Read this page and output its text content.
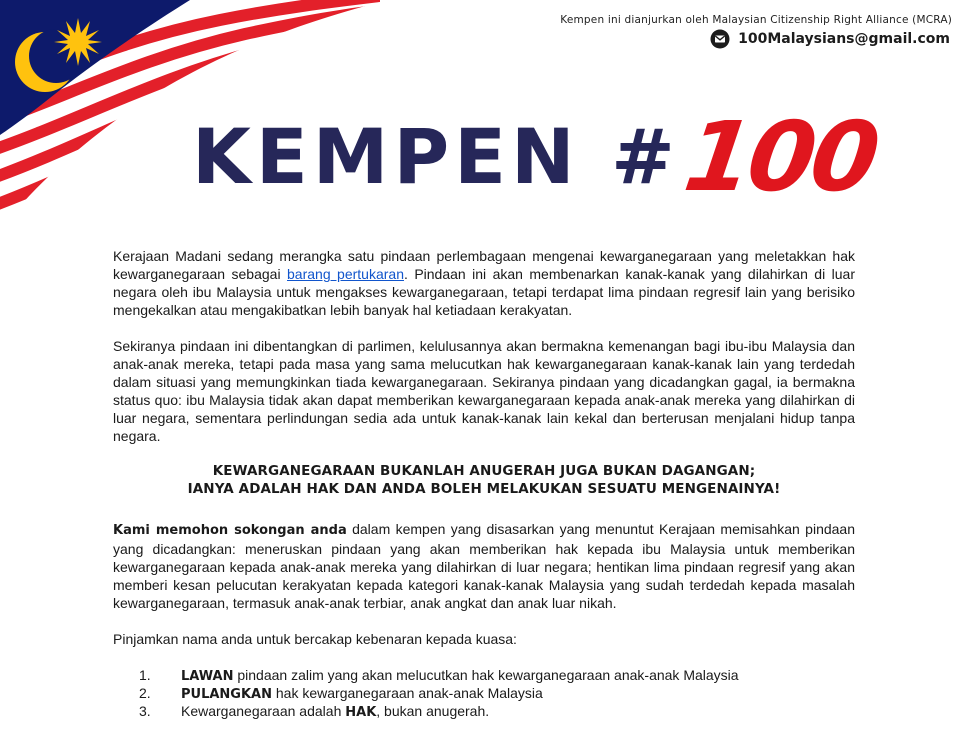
Kempen ini dianjurkan oleh Malaysian Citizenship Right Alliance (MCRA)
100Malaysians@gmail.com
KEMPEN #
100

Kerajaan Madani sedang merangka satu pindaan perlembagaan mengenai kewarganegaraan yang meletakkan hak kewarganegaraan sebagai barang pertukaran. Pindaan ini akan membenarkan kanak-kanak yang dilahirkan di luar negara oleh ibu Malaysia untuk mengakses kewarganegaraan, tetapi terdapat lima pindaan regresif lain yang berisiko mengekalkan atau mengakibatkan lebih banyak hal ketiadaan kerakyatan.

Sekiranya pindaan ini dibentangkan di parlimen, kelulusannya akan bermakna kemenangan bagi ibu-ibu Malaysia dan anak-anak mereka, tetapi pada masa yang sama melucutkan hak kewarganegaraan kanak-kanak lain yang terdedah dalam situasi yang memungkinkan tiada kewarganegaraan. Sekiranya pindaan yang dicadangkan gagal, ia bermakna status quo: ibu Malaysia tidak akan dapat memberikan kewarganegaraan kepada anak-anak mereka yang dilahirkan di luar negara, sementara perlindungan sedia ada untuk kanak-kanak lain kekal dan berterusan menjalani hidup tanpa negara.

KEWARGANEGARAAN BUKANLAH ANUGERAH JUGA BUKAN DAGANGAN;
IANYA ADALAH HAK DAN ANDA BOLEH MELAKUKAN SESUATU MENGENAINYA!

Kami memohon sokongan anda dalam kempen yang disasarkan yang menuntut Kerajaan memisahkan pindaan yang dicadangkan: meneruskan pindaan yang akan memberikan hak kepada ibu Malaysia untuk memberikan kewarganegaraan kepada anak-anak mereka yang dilahirkan di luar negara; hentikan lima pindaan regresif yang akan memberi kesan pelucutan kerakyatan kepada kategori kanak-kanak Malaysia yang sudah terdedah kepada masalah kewarganegaraan, termasuk anak-anak terbiar, anak angkat dan anak luar nikah.

Pinjamkan nama anda untuk bercakap kebenaran kepada kuasa:

1.	LAWAN pindaan zalim yang akan melucutkan hak kewarganegaraan anak-anak Malaysia
2.	PULANGKAN hak kewarganegaraan anak-anak Malaysia
3.	Kewarganegaraan adalah HAK, bukan anugerah.
